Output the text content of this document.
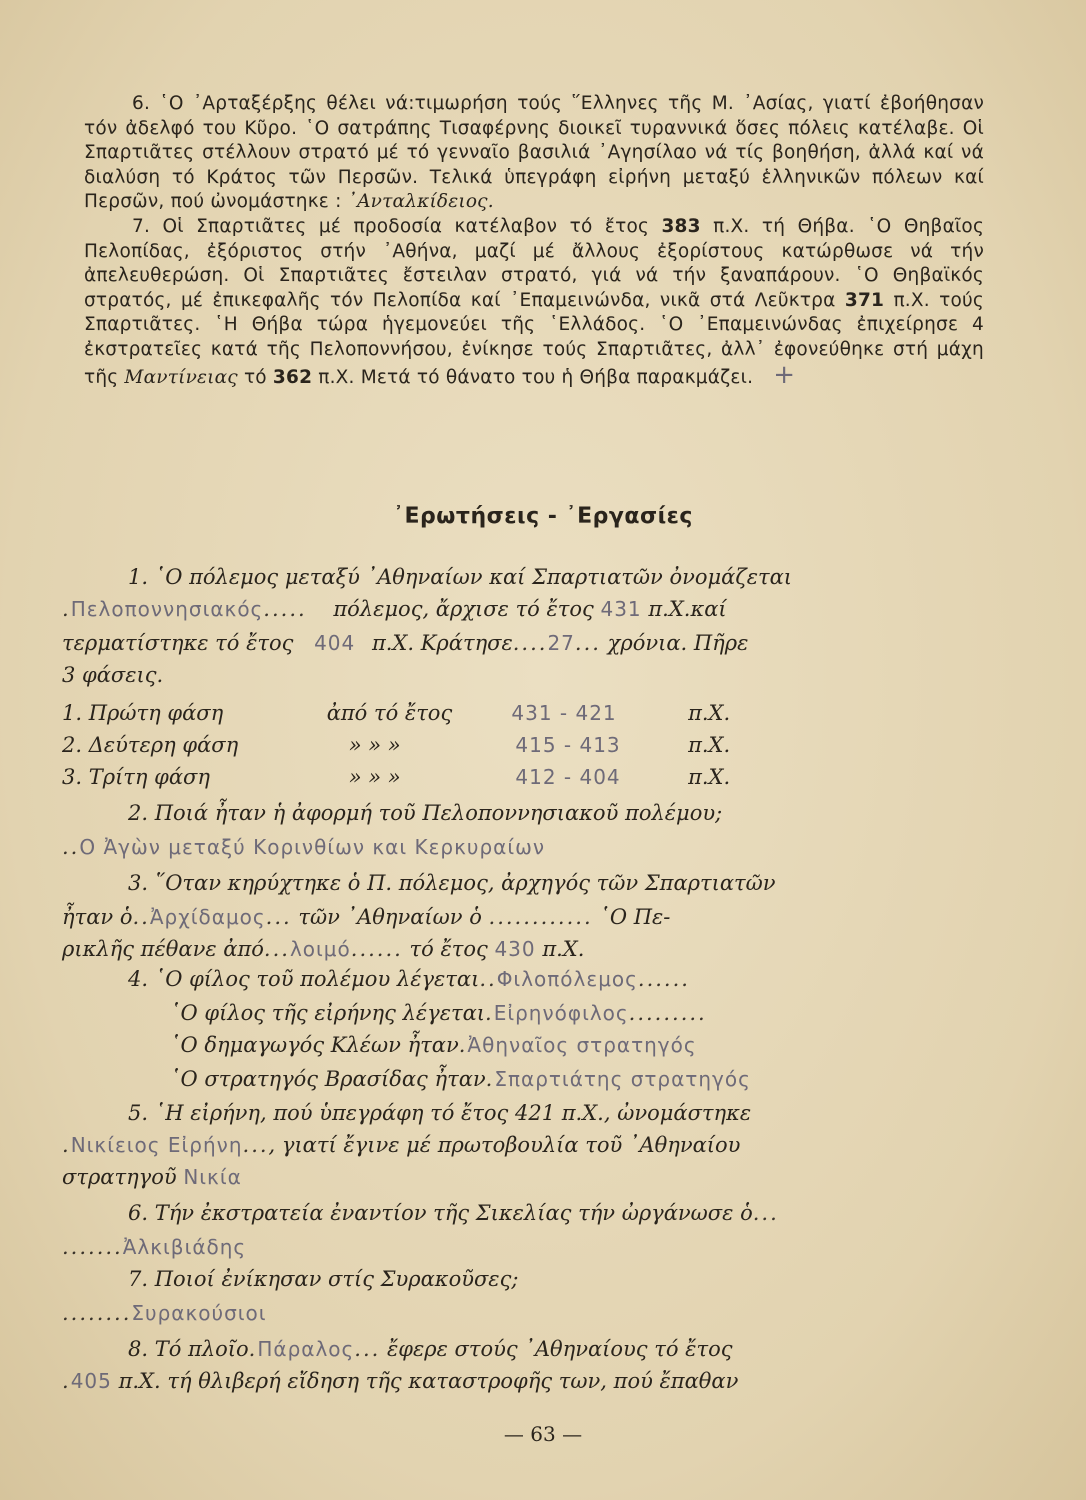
6. ῾Ο ᾿Αρταξέρξης θέλει νά:τιμωρήση τούς ῞Ελληνες τῆς Μ. ᾿Ασίας, γιατί ἐβοήθησαν τόν ἀδελφό του Κῦρο. ῾Ο σατράπης Τισαφέρνης διοικεῖ τυραννικά ὅσες πόλεις κατέλαβε. Οἱ Σπαρτιᾶτες στέλλουν στρατό μέ τό γενναῖο βασιλιά ᾿Αγησίλαο νά τίς βοηθήση, ἀλλά καί νά διαλύση τό Κράτος τῶν Περσῶν. Τελικά ὑπεγράφη εἰρήνη μεταξύ ἑλληνικῶν πόλεων καί Περσῶν, πού ὠνομάστηκε : ᾿Ανταλκίδειος.

7. Οἱ Σπαρτιᾶτες μέ προδοσία κατέλαβον τό ἔτος 383 π.Χ. τή Θήβα. ῾Ο Θηβαῖος Πελοπίδας, ἐξόριστος στήν ᾿Αθήνα, μαζί μέ ἄλλους ἐξορίστους κατώρθωσε νά τήν ἀπελευθερώση. Οἱ Σπαρτιᾶτες ἔστειλαν στρατό, γιά νά τήν ξαναπάρουν. ῾Ο Θηβαϊκός στρατός, μέ ἐπικεφαλῆς τόν Πελοπίδα καί ᾿Επαμεινώνδα, νικᾶ στά Λεῦκτρα 371 π.Χ. τούς Σπαρτιᾶτες. ῾Η Θήβα τώρα ἡγεμονεύει τῆς ῾Ελλάδος. ῾Ο ᾿Επαμεινώνδας ἐπιχείρησε 4 ἐκστρατεῖες κατά τῆς Πελοποννήσου, ἐνίκησε τούς Σπαρτιᾶτες, ἀλλ᾿ ἐφονεύθηκε στή μάχη τῆς Μαντίνειας τό 362 π.Χ. Μετά τό θάνατο του ἡ Θήβα παρακμάζει. +

᾿Ερωτήσεις - ᾿Εργασίες
1. ῾Ο πόλεμος μεταξύ ᾿Αθηναίων καί Σπαρτιατῶν ὀνομάζεται
.Πελοποννησιακός..... πόλεμος, ἄρχισε τό ἔτος 431 π.Χ.καί
τερματίστηκε τό ἔτος 404 π.Χ. Κράτησε....27... χρόνια. Πῆρε
3 φάσεις.
1. Πρώτη φάση	ἀπό τό ἔτος	431 - 421	π.Χ.
2. Δεύτερη φάση	» » »	415 - 413	π.Χ.
3. Τρίτη φάση	» » »	412 - 404	π.Χ.
2. Ποιά ἦταν ἡ ἀφορμή τοῦ Πελοποννησιακοῦ πολέμου;
..Ο Ἀγὼν μεταξύ Κορινθίων και Κερκυραίων
3. ῞Οταν κηρύχτηκε ὁ Π. πόλεμος, ἀρχηγός τῶν Σπαρτιατῶν
ἦταν ὁ..Ἀρχίδαμος... τῶν ᾿Αθηναίων ὁ ............ ῾Ο Πε-
ρικλῆς πέθανε ἀπό...λοιμό...... τό ἔτος 430 π.Χ.
4. ῾Ο φίλος τοῦ πολέμου λέγεται..Φιλοπόλεμος......
῾Ο φίλος τῆς εἰρήνης λέγεται.Εἰρηνόφιλος.........
῾Ο δημαγωγός Κλέων ἦταν.Ἀθηναῖος στρατηγός
῾Ο στρατηγός Βρασίδας ἦταν.Σπαρτιάτης στρατηγός
5. ῾Η εἰρήνη, πού ὑπεγράφη τό ἔτος 421 π.Χ., ὠνομάστηκε
.Νικίειος Εἰρήνη..., γιατί ἔγινε μέ πρωτοβουλία τοῦ ᾿Αθηναίου
στρατηγοῦ Νικία
6. Τήν ἐκστρατεία ἐναντίον τῆς Σικελίας τήν ὠργάνωσε ὁ...
.......Ἀλκιβιάδης
7. Ποιοί ἐνίκησαν στίς Συρακοῦσες;
........Συρακούσιοι
8. Τό πλοῖο.Πάραλος... ἔφερε στούς ᾿Αθηναίους τό ἔτος
.405 π.Χ. τή θλιβερή εἴδηση τῆς καταστροφῆς των, πού ἔπαθαν
— 63 —
